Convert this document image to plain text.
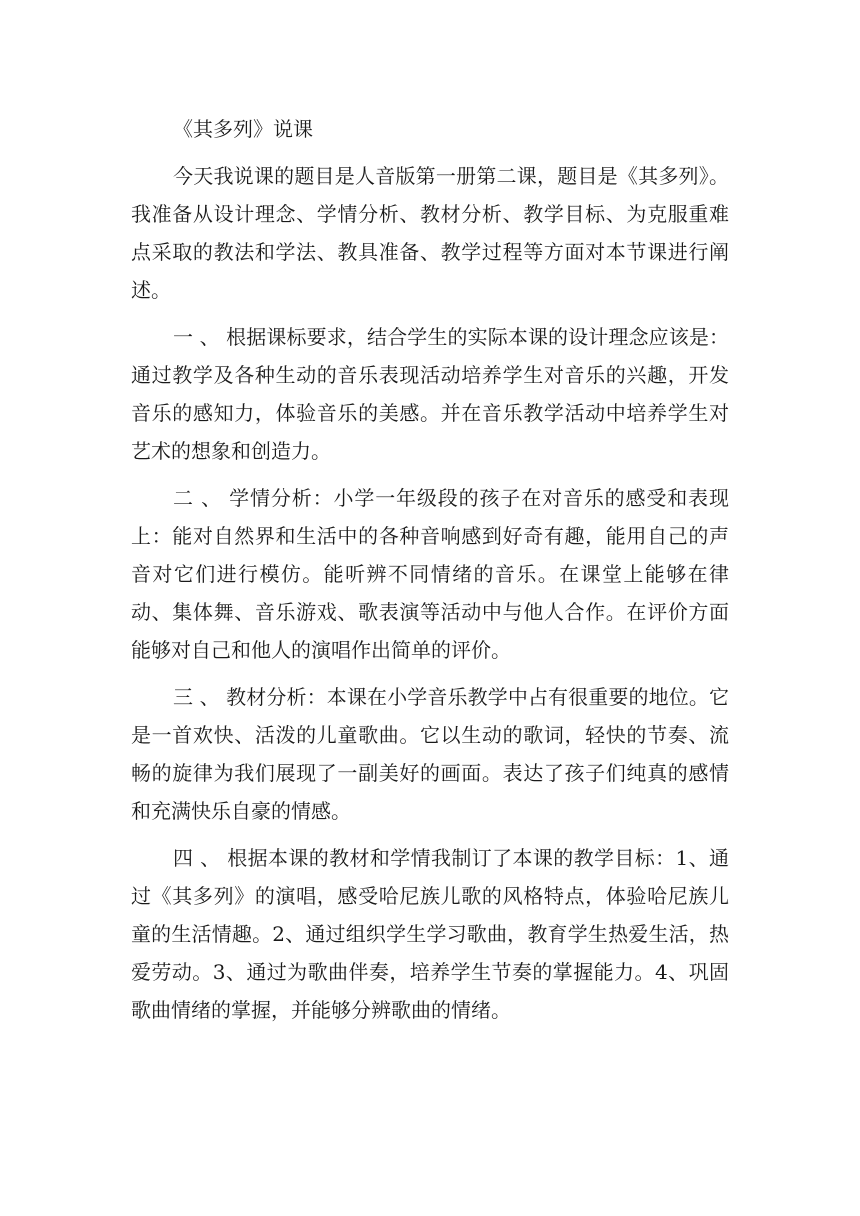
《其多列》说课

今天我说课的题目是人音版第一册第二课，题目是《其多列》。我准备从设计理念、学情分析、教材分析、教学目标、为克服重难点采取的教法和学法、教具准备、教学过程等方面对本节课进行阐述。

一 、 根据课标要求，结合学生的实际本课的设计理念应该是：通过教学及各种生动的音乐表现活动培养学生对音乐的兴趣，开发音乐的感知力，体验音乐的美感。并在音乐教学活动中培养学生对艺术的想象和创造力。

二 、 学情分析：小学一年级段的孩子在对音乐的感受和表现上：能对自然界和生活中的各种音响感到好奇有趣，能用自己的声音对它们进行模仿。能听辨不同情绪的音乐。在课堂上能够在律动、集体舞、音乐游戏、歌表演等活动中与他人合作。在评价方面能够对自己和他人的演唱作出简单的评价。

三 、 教材分析：本课在小学音乐教学中占有很重要的地位。它是一首欢快、活泼的儿童歌曲。它以生动的歌词，轻快的节奏、流畅的旋律为我们展现了一副美好的画面。表达了孩子们纯真的感情和充满快乐自豪的情感。

四 、 根据本课的教材和学情我制订了本课的教学目标：1、通过《其多列》的演唱，感受哈尼族儿歌的风格特点，体验哈尼族儿童的生活情趣。2、通过组织学生学习歌曲，教育学生热爱生活，热爱劳动。3、通过为歌曲伴奏，培养学生节奏的掌握能力。4、巩固歌曲情绪的掌握，并能够分辨歌曲的情绪。
